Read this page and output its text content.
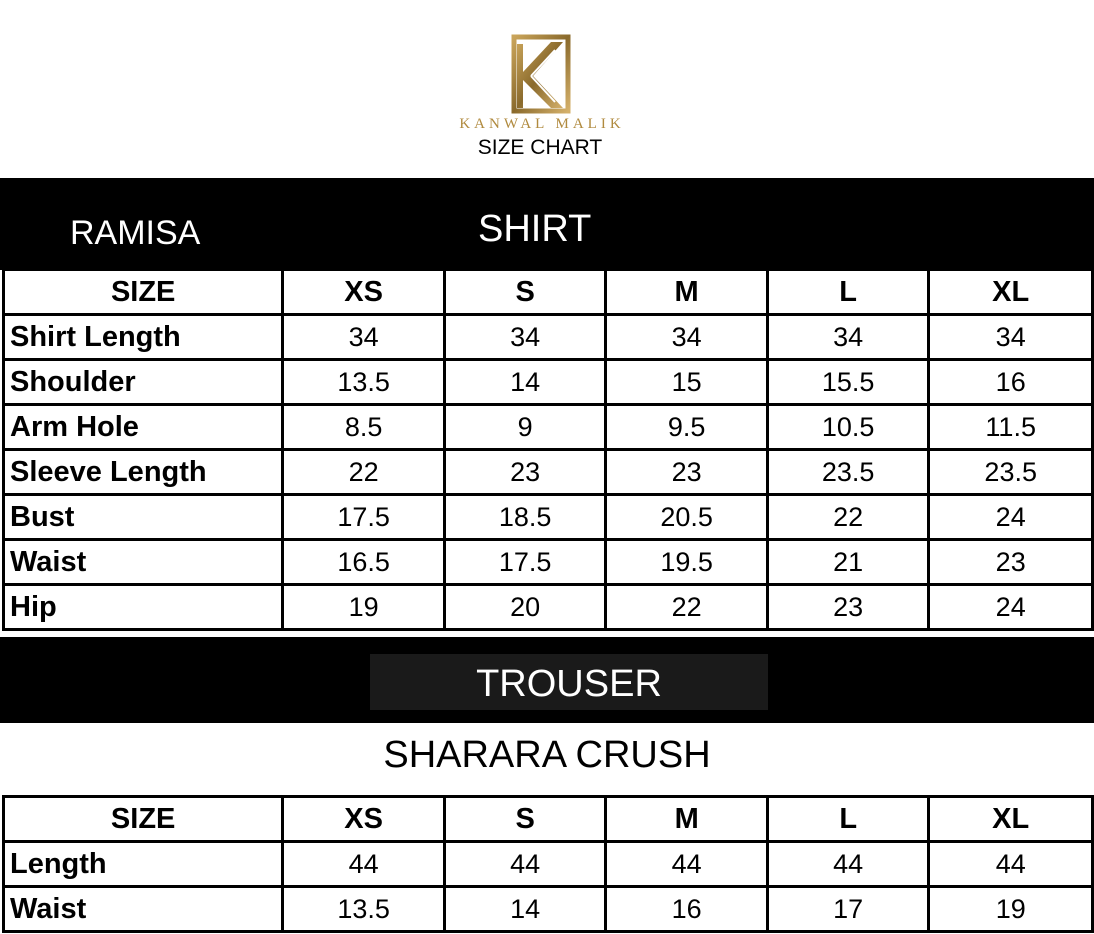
KANWAL MALIK
SIZE CHART
RAMISA	SHIRT
SIZE	XS	S	M	L	XL
Shirt Length	34	34	34	34	34
Shoulder	13.5	14	15	15.5	16
Arm Hole	8.5	9	9.5	10.5	11.5
Sleeve Length	22	23	23	23.5	23.5
Bust	17.5	18.5	20.5	22	24
Waist	16.5	17.5	19.5	21	23
Hip	19	20	22	23	24
TROUSER
SHARARA CRUSH
SIZE	XS	S	M	L	XL
Length	44	44	44	44	44
Waist	13.5	14	16	17	19
